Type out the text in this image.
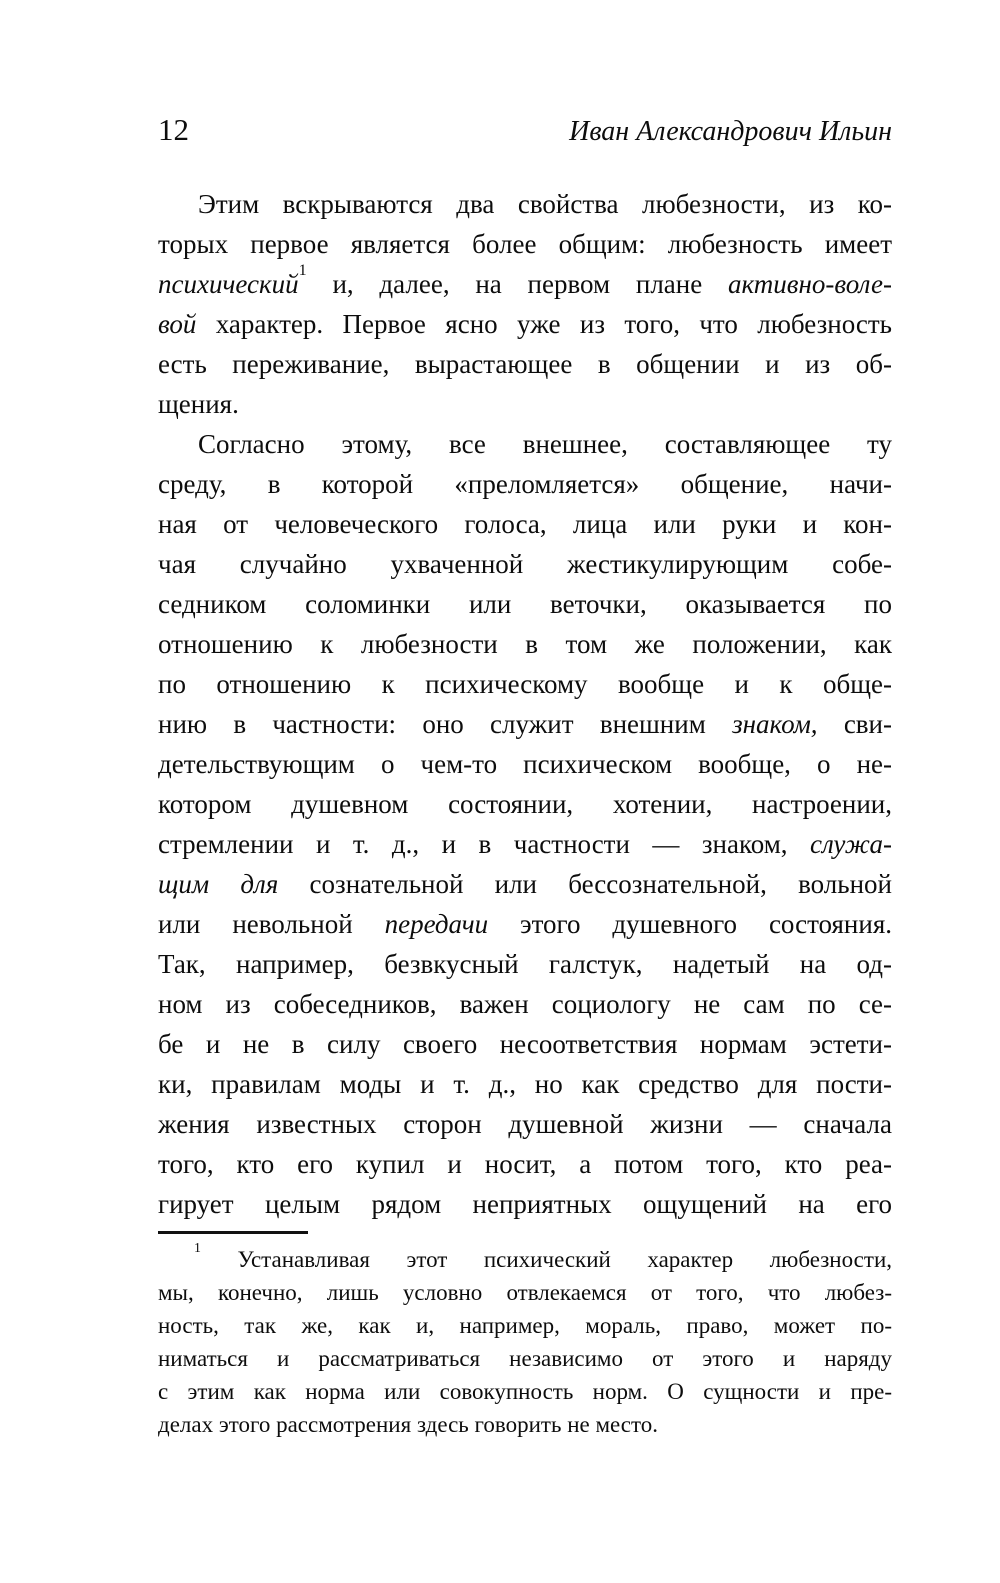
12	Иван Александрович Ильин
Этим вскрываются два свойства любезности, из ко-
торых первое является более общим: любезность имеет
психический$^1$ и, далее, на первом плане активно-воле-
вой характер. Первое ясно уже из того, что любезность
есть переживание, вырастающее в общении и из об-
щения.
Согласно этому, все внешнее, составляющее ту
среду, в которой «преломляется» общение, начи-
ная от человеческого голоса, лица или руки и кон-
чая случайно ухваченной жестикулирующим собе-
седником соломинки или веточки, оказывается по
отношению к любезности в том же положении, как
по отношению к психическому вообще и к обще-
нию в частности: оно служит внешним знаком, сви-
детельствующим о чем-то психическом вообще, о не-
котором душевном состоянии, хотении, настроении,
стремлении и т. д., и в частности — знаком, служа-
щим для сознательной или бессознательной, вольной
или невольной передачи этого душевного состояния.
Так, например, безвкусный галстук, надетый на од-
ном из собеседников, важен социологу не сам по се-
бе и не в силу своего несоответствия нормам эстети-
ки, правилам моды и т. д., но как средство для пости-
жения известных сторон душевной жизни — сначала
того, кто его купил и носит, а потом того, кто реа-
гирует целым рядом неприятных ощущений на его
$^1$ Устанавливая этот психический характер любезности,
мы, конечно, лишь условно отвлекаемся от того, что любез-
ность, так же, как и, например, мораль, право, может по-
ниматься и рассматриваться независимо от этого и наряду
с этим как норма или совокупность норм. О сущности и пре-
делах этого рассмотрения здесь говорить не место.
